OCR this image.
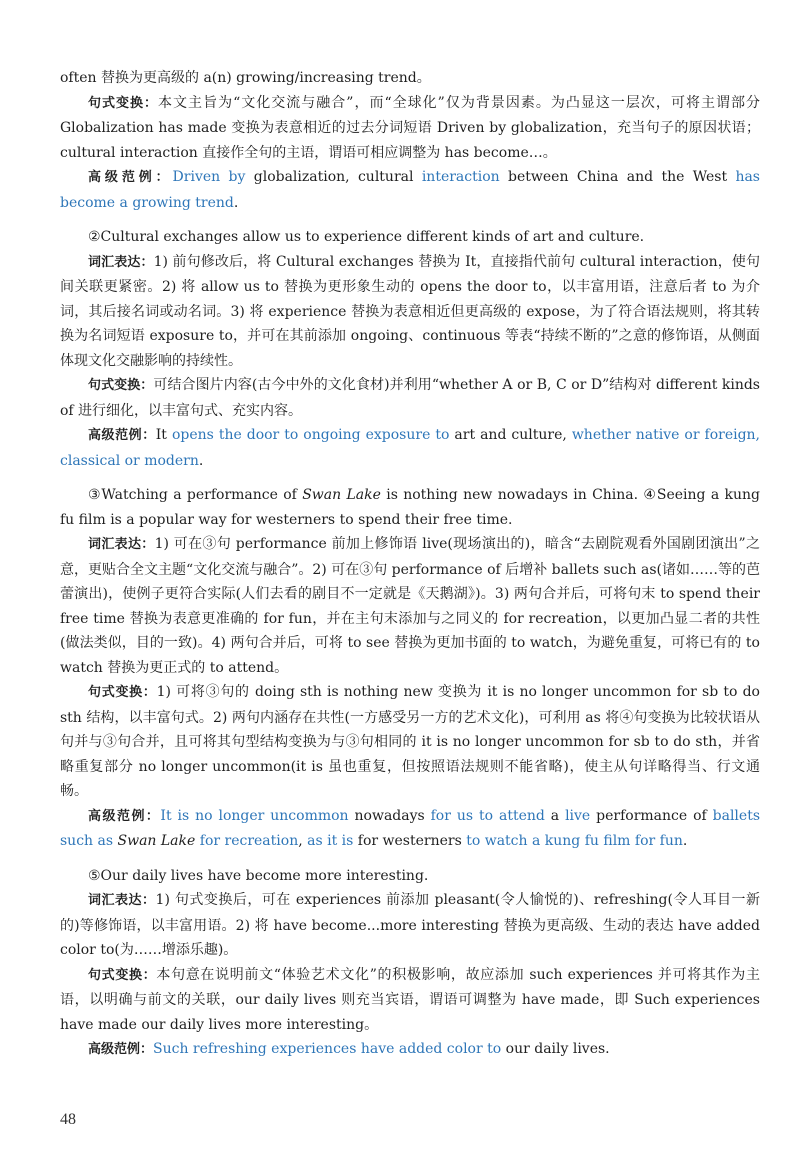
often 替换为更高级的 a(n) growing/increasing trend。

句式变换：本文主旨为“文化交流与融合”，而“全球化”仅为背景因素。为凸显这一层次，可将主谓部分 Globalization has made 变换为表意相近的过去分词短语 Driven by globalization，充当句子的原因状语；cultural interaction 直接作全句的主语，谓语可相应调整为 has become…。

高级范例：Driven by globalization, cultural interaction between China and the West has become a growing trend.

②Cultural exchanges allow us to experience different kinds of art and culture.

词汇表达：1) 前句修改后，将 Cultural exchanges 替换为 It，直接指代前句 cultural interaction，使句间关联更紧密。2) 将 allow us to 替换为更形象生动的 opens the door to，以丰富用语，注意后者 to 为介词，其后接名词或动名词。3) 将 experience 替换为表意相近但更高级的 expose，为了符合语法规则，将其转换为名词短语 exposure to，并可在其前添加 ongoing、continuous 等表“持续不断的”之意的修饰语，从侧面体现文化交融影响的持续性。

句式变换：可结合图片内容(古今中外的文化食材)并利用“whether A or B, C or D”结构对 different kinds of 进行细化，以丰富句式、充实内容。

高级范例：It opens the door to ongoing exposure to art and culture, whether native or foreign, classical or modern.

③Watching a performance of Swan Lake is nothing new nowadays in China. ④Seeing a kung fu film is a popular way for westerners to spend their free time.

词汇表达：1) 可在③句 performance 前加上修饰语 live(现场演出的)，暗含“去剧院观看外国剧团演出”之意，更贴合全文主题“文化交流与融合”。2) 可在③句 performance of 后增补 ballets such as(诸如……等的芭蕾演出)，使例子更符合实际(人们去看的剧目不一定就是《天鹅湖》)。3) 两句合并后，可将句末 to spend their free time 替换为表意更准确的 for fun，并在主句末添加与之同义的 for recreation，以更加凸显二者的共性(做法类似，目的一致)。4) 两句合并后，可将 to see 替换为更加书面的 to watch，为避免重复，可将已有的 to watch 替换为更正式的 to attend。

句式变换：1) 可将③句的 doing sth is nothing new 变换为 it is no longer uncommon for sb to do sth 结构，以丰富句式。2) 两句内涵存在共性(一方感受另一方的艺术文化)，可利用 as 将④句变换为比较状语从句并与③句合并，且可将其句型结构变换为与③句相同的 it is no longer uncommon for sb to do sth，并省略重复部分 no longer uncommon(it is 虽也重复，但按照语法规则不能省略)，使主从句详略得当、行文通畅。

高级范例：It is no longer uncommon nowadays for us to attend a live performance of ballets such as Swan Lake for recreation, as it is for westerners to watch a kung fu film for fun.

⑤Our daily lives have become more interesting.

词汇表达：1) 句式变换后，可在 experiences 前添加 pleasant(令人愉悦的)、refreshing(令人耳目一新的)等修饰语，以丰富用语。2) 将 have become...more interesting 替换为更高级、生动的表达 have added color to(为……增添乐趣)。

句式变换：本句意在说明前文“体验艺术文化”的积极影响，故应添加 such experiences 并可将其作为主语，以明确与前文的关联，our daily lives 则充当宾语，谓语可调整为 have made，即 Such experiences have made our daily lives more interesting。

高级范例：Such refreshing experiences have added color to our daily lives.

48
